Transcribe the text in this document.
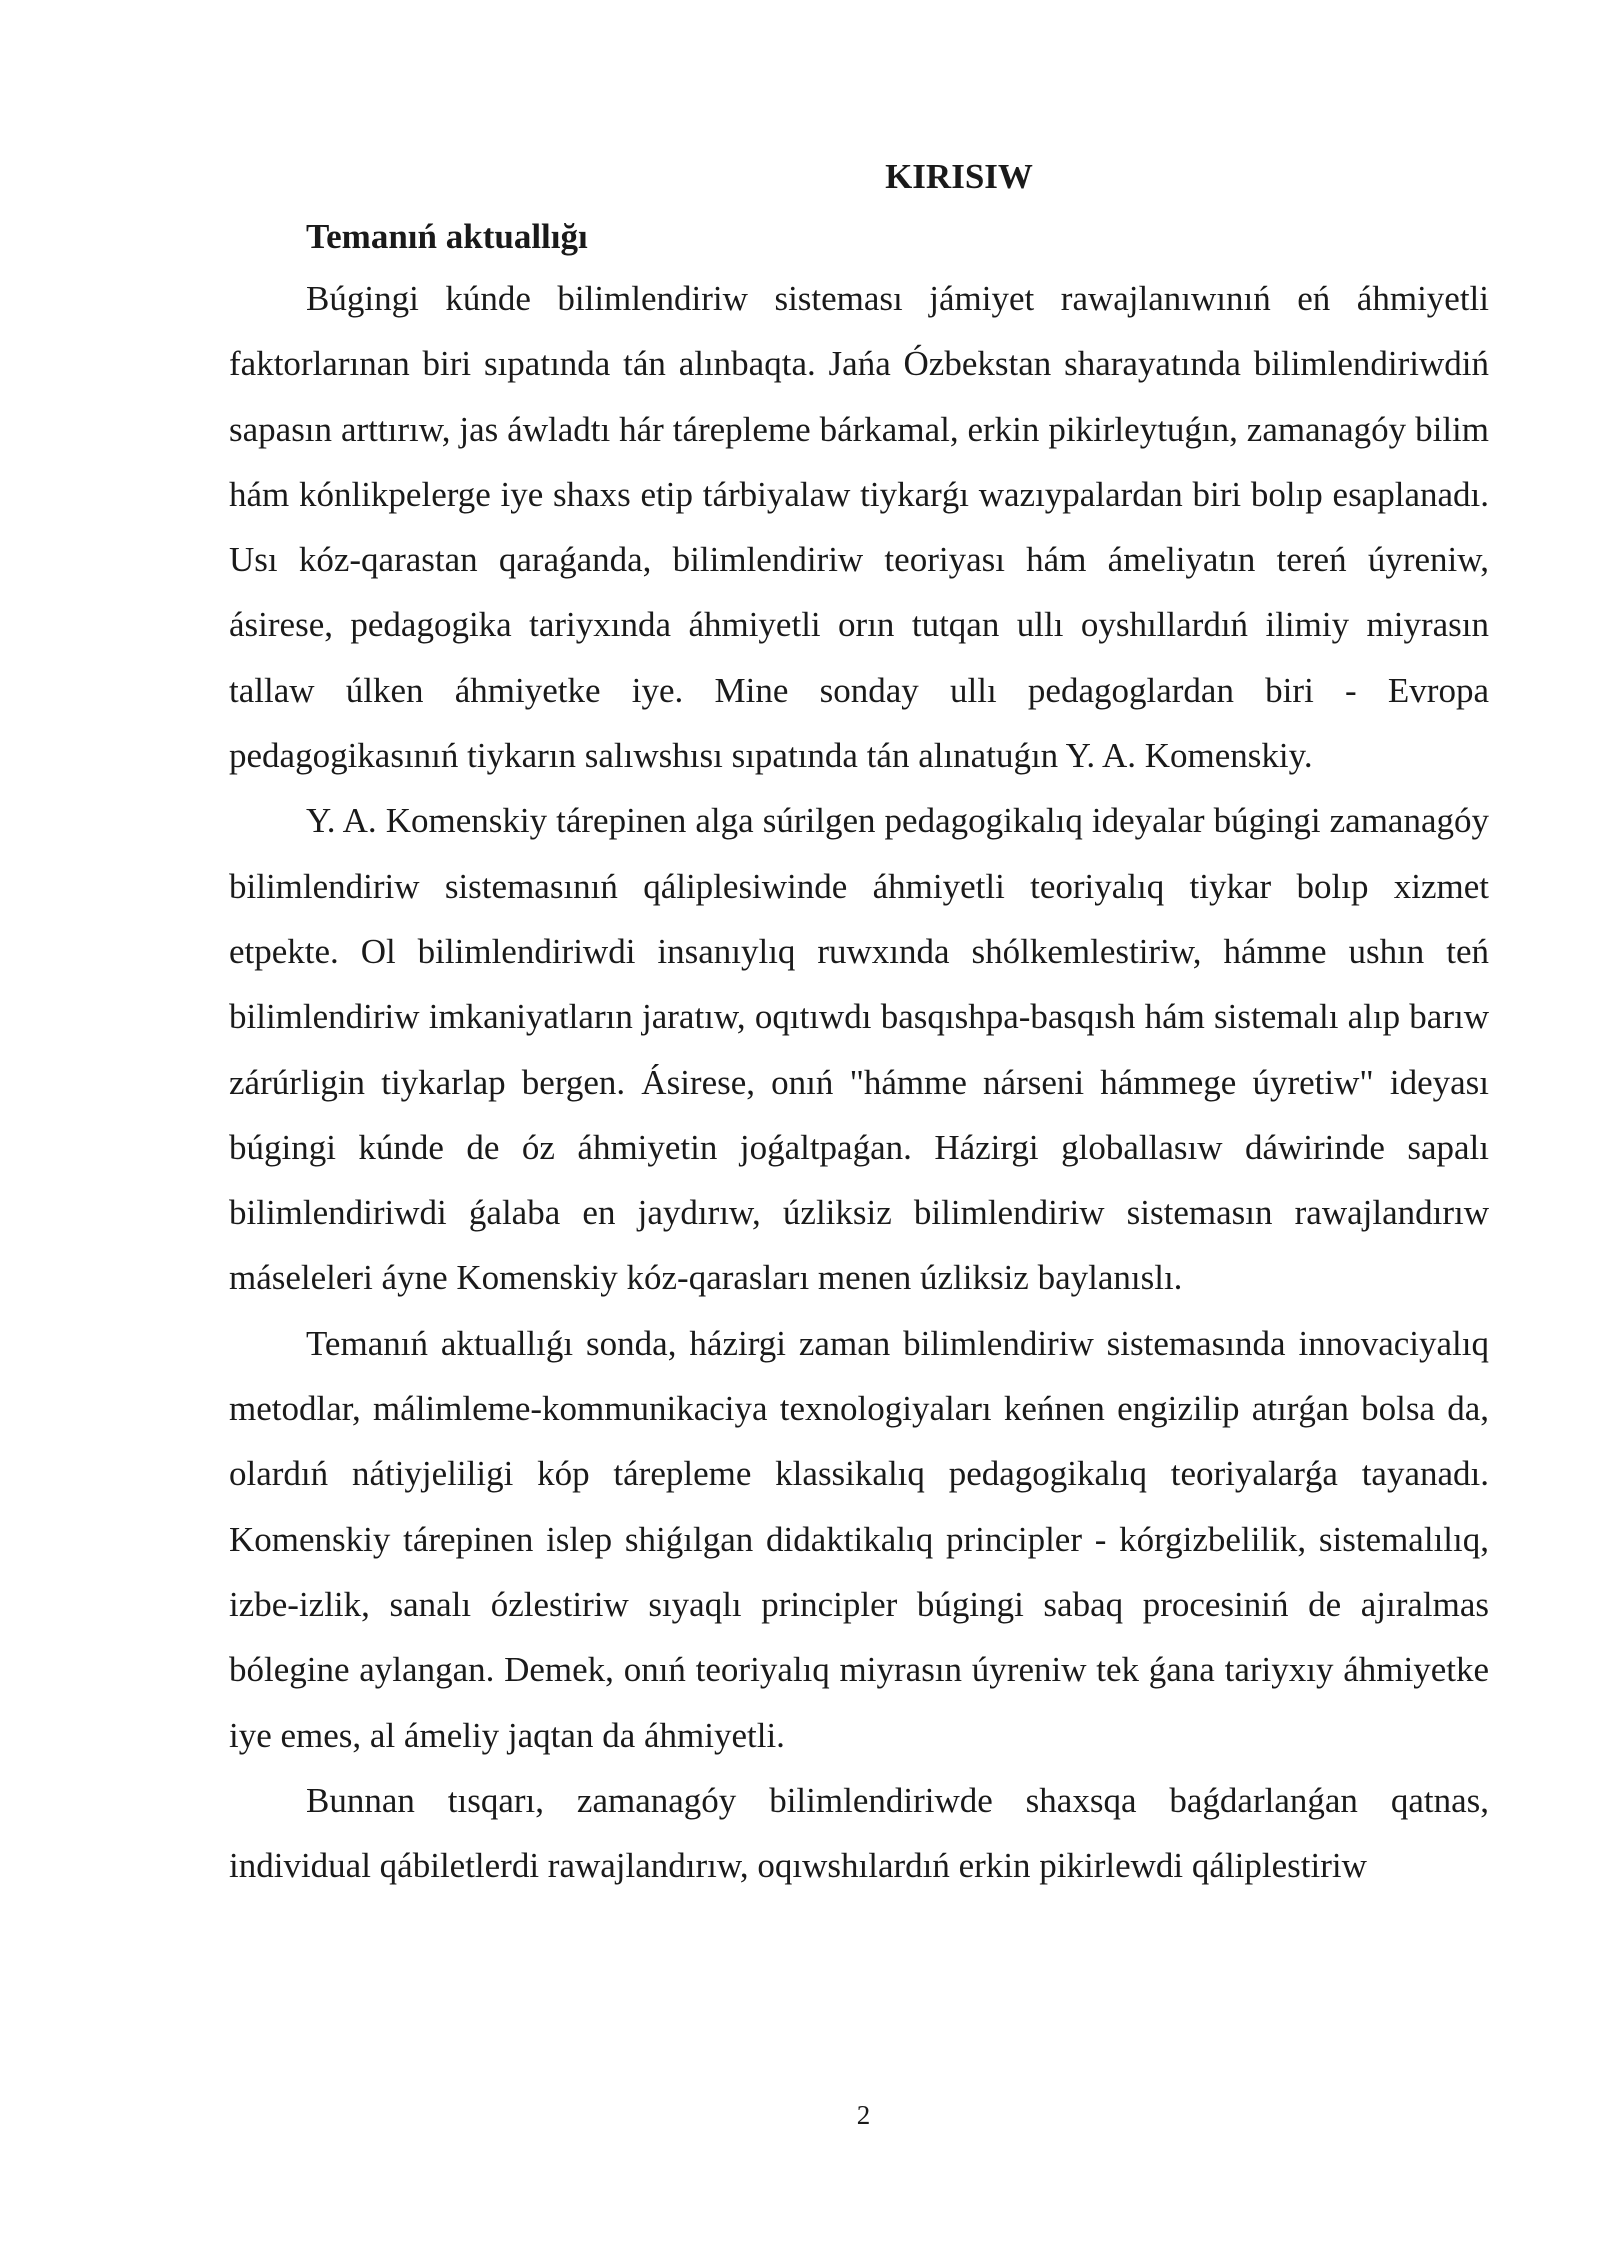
KIRISIW
Temanıń aktuallığı

Búgingi kúnde bilimlendiriw sisteması jámiyet rawajlanıwınıń eń áhmiyetli faktorlarınan biri sıpatında tán alınbaqta. Jańa Ózbekstan sharayatında bilimlendiriwdiń sapasın arttırıw, jas áwladtı hár tárepleme bárkamal, erkin pikirleytuǵın, zamanagóy bilim hám kónlikpelerge iye shaxs etip tárbiyalaw tiykarǵı wazıypalardan biri bolıp esaplanadı. Usı kóz-qarastan qaraǵanda, bilimlendiriw teoriyası hám ámeliyatın tereń úyreniw, ásirese, pedagogika tariyxında áhmiyetli orın tutqan ullı oyshıllardıń ilimiy miyrasın tallaw úlken áhmiyetke iye. Mine sonday ullı pedagoglardan biri - Evropa pedagogikasınıń tiykarın salıwshısı sıpatında tán alınatuǵın Y. A. Komenskiy.

Y. A. Komenskiy tárepinen alga súrilgen pedagogikalıq ideyalar búgingi zamanagóy bilimlendiriw sistemasınıń qáliplesiwinde áhmiyetli teoriyalıq tiykar bolıp xizmet etpekte. Ol bilimlendiriwdi insanıylıq ruwxında shólkemlestiriw, hámme ushın teń bilimlendiriw imkaniyatların jaratıw, oqıtıwdı basqıshpa-basqısh hám sistemalı alıp barıw zárúrligin tiykarlap bergen. Ásirese, onıń "hámme nárseni hámmege úyretiw" ideyası búgingi kúnde de óz áhmiyetin joǵaltpaǵan. Házirgi globallasıw dáwirinde sapalı bilimlendiriwdi ǵalaba en jaydırıw, úzliksiz bilimlendiriw sistemasın rawajlandırıw máseleleri áyne Komenskiy kóz-qarasları menen úzliksiz baylanıslı.

Temanıń aktuallıǵı sonda, házirgi zaman bilimlendiriw sistemasında innovaciyalıq metodlar, málimleme-kommunikaciya texnologiyaları keńnen engizilip atırǵan bolsa da, olardıń nátiyjeliligi kóp tárepleme klassikalıq pedagogikalıq teoriyalarǵa tayanadı. Komenskiy tárepinen islep shiǵılgan didaktikalıq principler - kórgizbelilik, sistemalılıq, izbe-izlik, sanalı ózlestiriw sıyaqlı principler búgingi sabaq procesiniń de ajıralmas bólegine aylangan. Demek, onıń teoriyalıq miyrasın úyreniw tek ǵana tariyxıy áhmiyetke iye emes, al ámeliy jaqtan da áhmiyetli.

Bunnan tısqarı, zamanagóy bilimlendiriwde shaxsqa baǵdarlanǵan qatnas, individual qábiletlerdi rawajlandırıw, oqıwshılardıń erkin pikirlewdi qáliplestiriw

2
